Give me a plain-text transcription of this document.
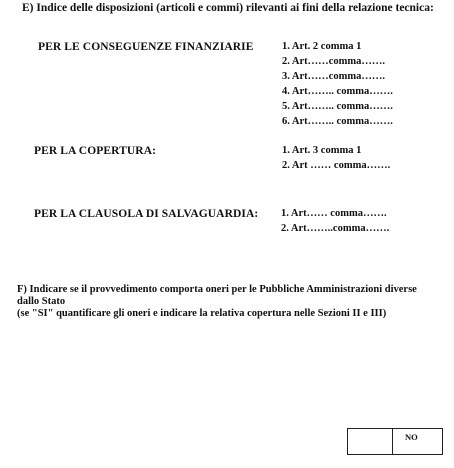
E) Indice delle disposizioni (articoli e commi) rilevanti ai fini della relazione tecnica:
PER LE CONSEGUENZE FINANZIARIE	1. Art. 2 comma 1
2. Art……comma…….
3. Art……comma…….
4. Art…….. comma…….
5. Art…….. comma…….
6. Art…….. comma…….
PER LA COPERTURA:	1. Art. 3 comma 1
2. Art …… comma…….
PER LA CLAUSOLA DI SALVAGUARDIA: 1. Art…… comma…….
2. Art……..comma…….
F) Indicare se il provvedimento comporta oneri per le Pubbliche Amministrazioni diverse
dallo Stato
(se "SI" quantificare gli oneri e indicare la relativa copertura nelle Sezioni II e III)
NO
